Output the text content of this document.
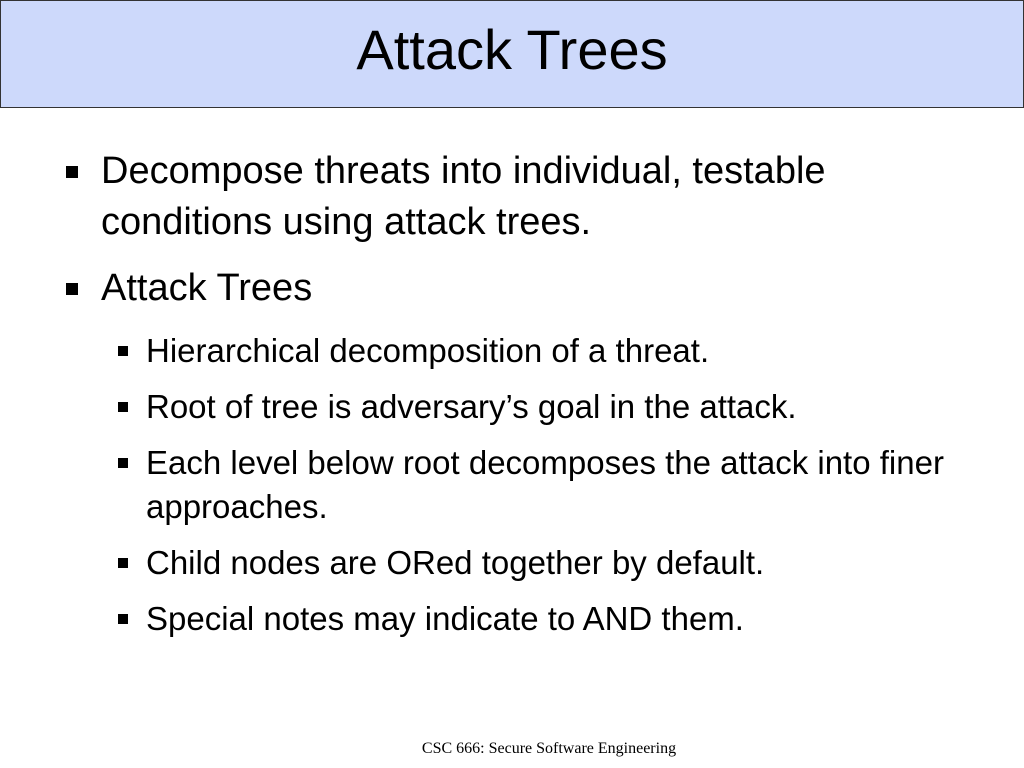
Attack Trees
Decompose threats into individual, testable conditions using attack trees.
Attack Trees
Hierarchical decomposition of a threat.
Root of tree is adversary’s goal in the attack.
Each level below root decomposes the attack into finer approaches.
Child nodes are ORed together by default.
Special notes may indicate to AND them.
CSC 666: Secure Software Engineering
